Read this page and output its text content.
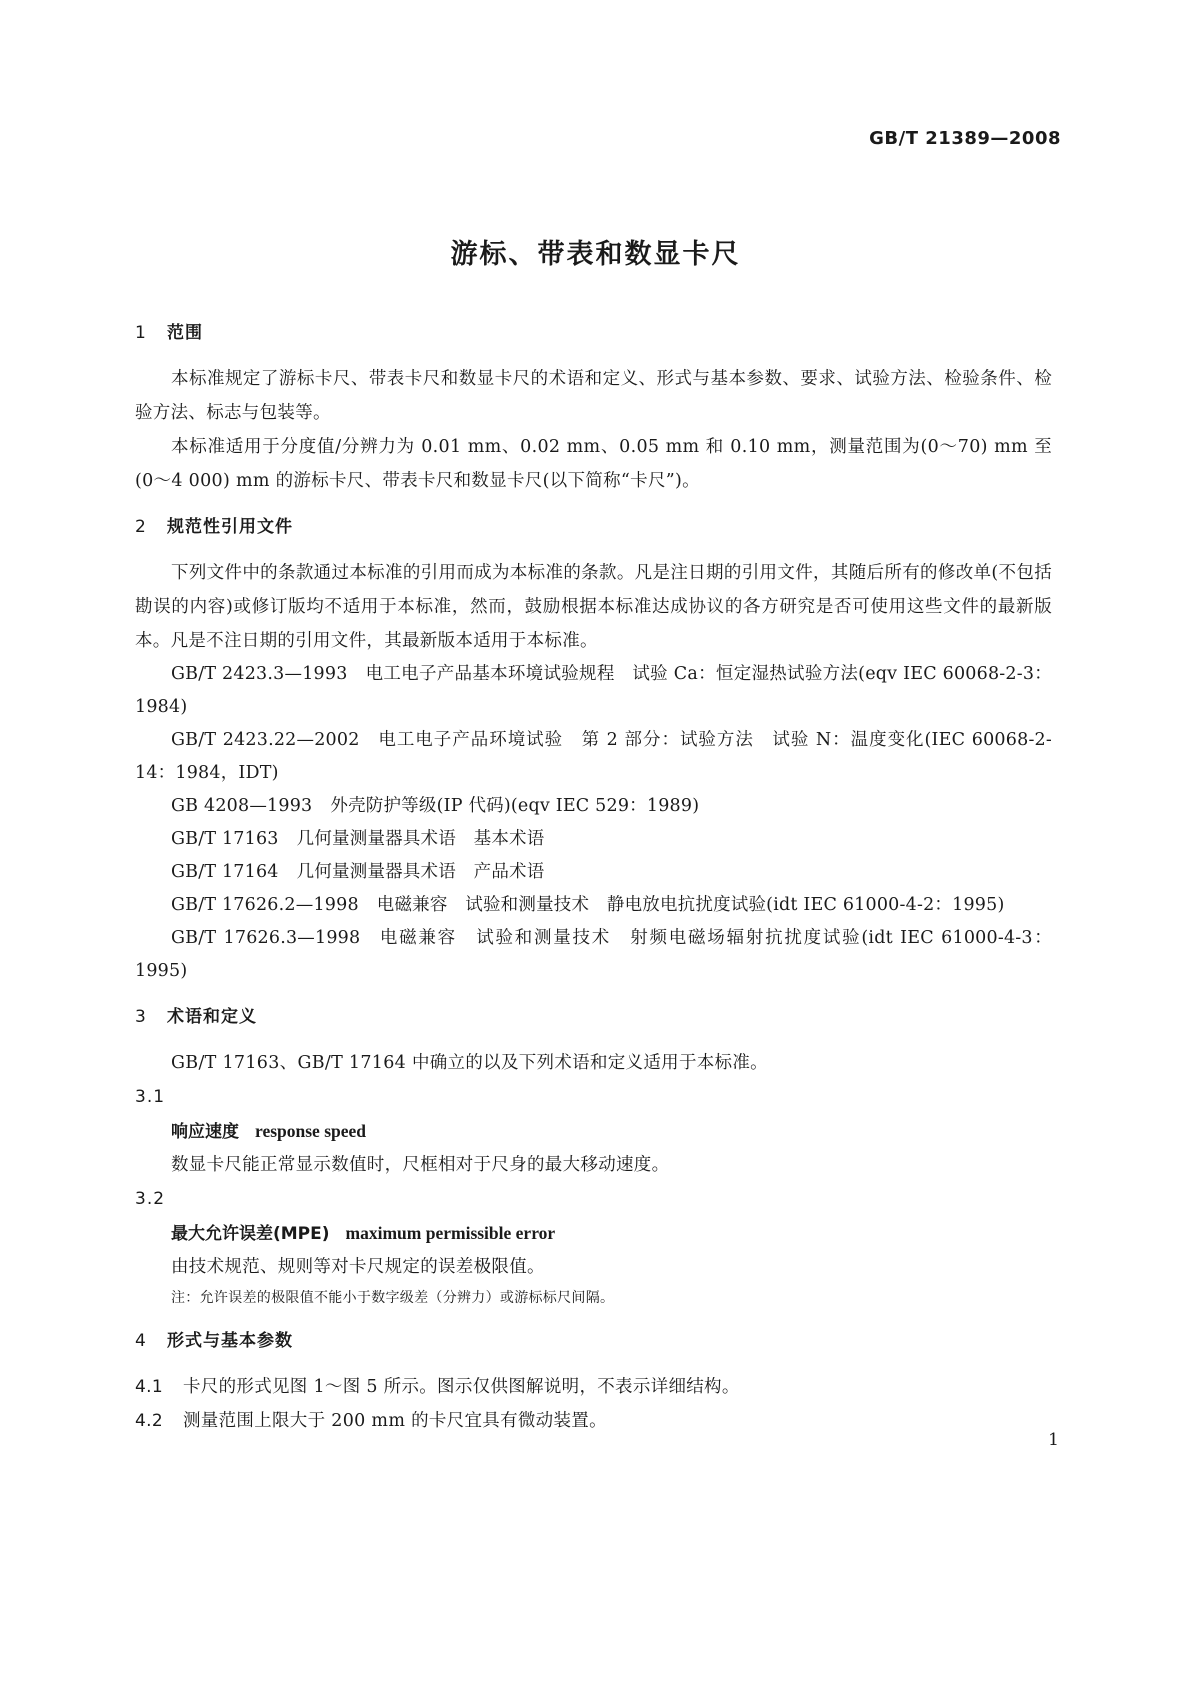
GB/T 21389—2008
游标、带表和数显卡尺
1 范围

本标准规定了游标卡尺、带表卡尺和数显卡尺的术语和定义、形式与基本参数、要求、试验方法、检验条件、检验方法、标志与包装等。

本标准适用于分度值/分辨力为 0.01 mm、0.02 mm、0.05 mm 和 0.10 mm，测量范围为(0～70) mm 至(0～4 000) mm 的游标卡尺、带表卡尺和数显卡尺(以下简称“卡尺”)。

2 规范性引用文件

下列文件中的条款通过本标准的引用而成为本标准的条款。凡是注日期的引用文件，其随后所有的修改单(不包括勘误的内容)或修订版均不适用于本标准，然而，鼓励根据本标准达成协议的各方研究是否可使用这些文件的最新版本。凡是不注日期的引用文件，其最新版本适用于本标准。

GB/T 2423.3—1993 电工电子产品基本环境试验规程　试验 Ca：恒定湿热试验方法(eqv IEC 60068-2-3：1984)

GB/T 2423.22—2002 电工电子产品环境试验　第 2 部分：试验方法　试验 N：温度变化(IEC 60068-2-14：1984，IDT)

GB 4208—1993 外壳防护等级(IP 代码)(eqv IEC 529：1989)

GB/T 17163 几何量测量器具术语　基本术语

GB/T 17164 几何量测量器具术语　产品术语

GB/T 17626.2—1998 电磁兼容　试验和测量技术　静电放电抗扰度试验(idt IEC 61000-4-2：1995)

GB/T 17626.3—1998 电磁兼容　试验和测量技术　射频电磁场辐射抗扰度试验(idt IEC 61000-4-3：1995)

3 术语和定义

GB/T 17163、GB/T 17164 中确立的以及下列术语和定义适用于本标准。

3.1
响应速度 response speed
数显卡尺能正常显示数值时，尺框相对于尺身的最大移动速度。
3.2
最大允许误差(MPE) maximum permissible error
由技术规范、规则等对卡尺规定的误差极限值。
注：允许误差的极限值不能小于数字级差（分辨力）或游标标尺间隔。
4 形式与基本参数
4.1 卡尺的形式见图 1～图 5 所示。图示仅供图解说明，不表示详细结构。
4.2 测量范围上限大于 200 mm 的卡尺宜具有微动装置。
1
